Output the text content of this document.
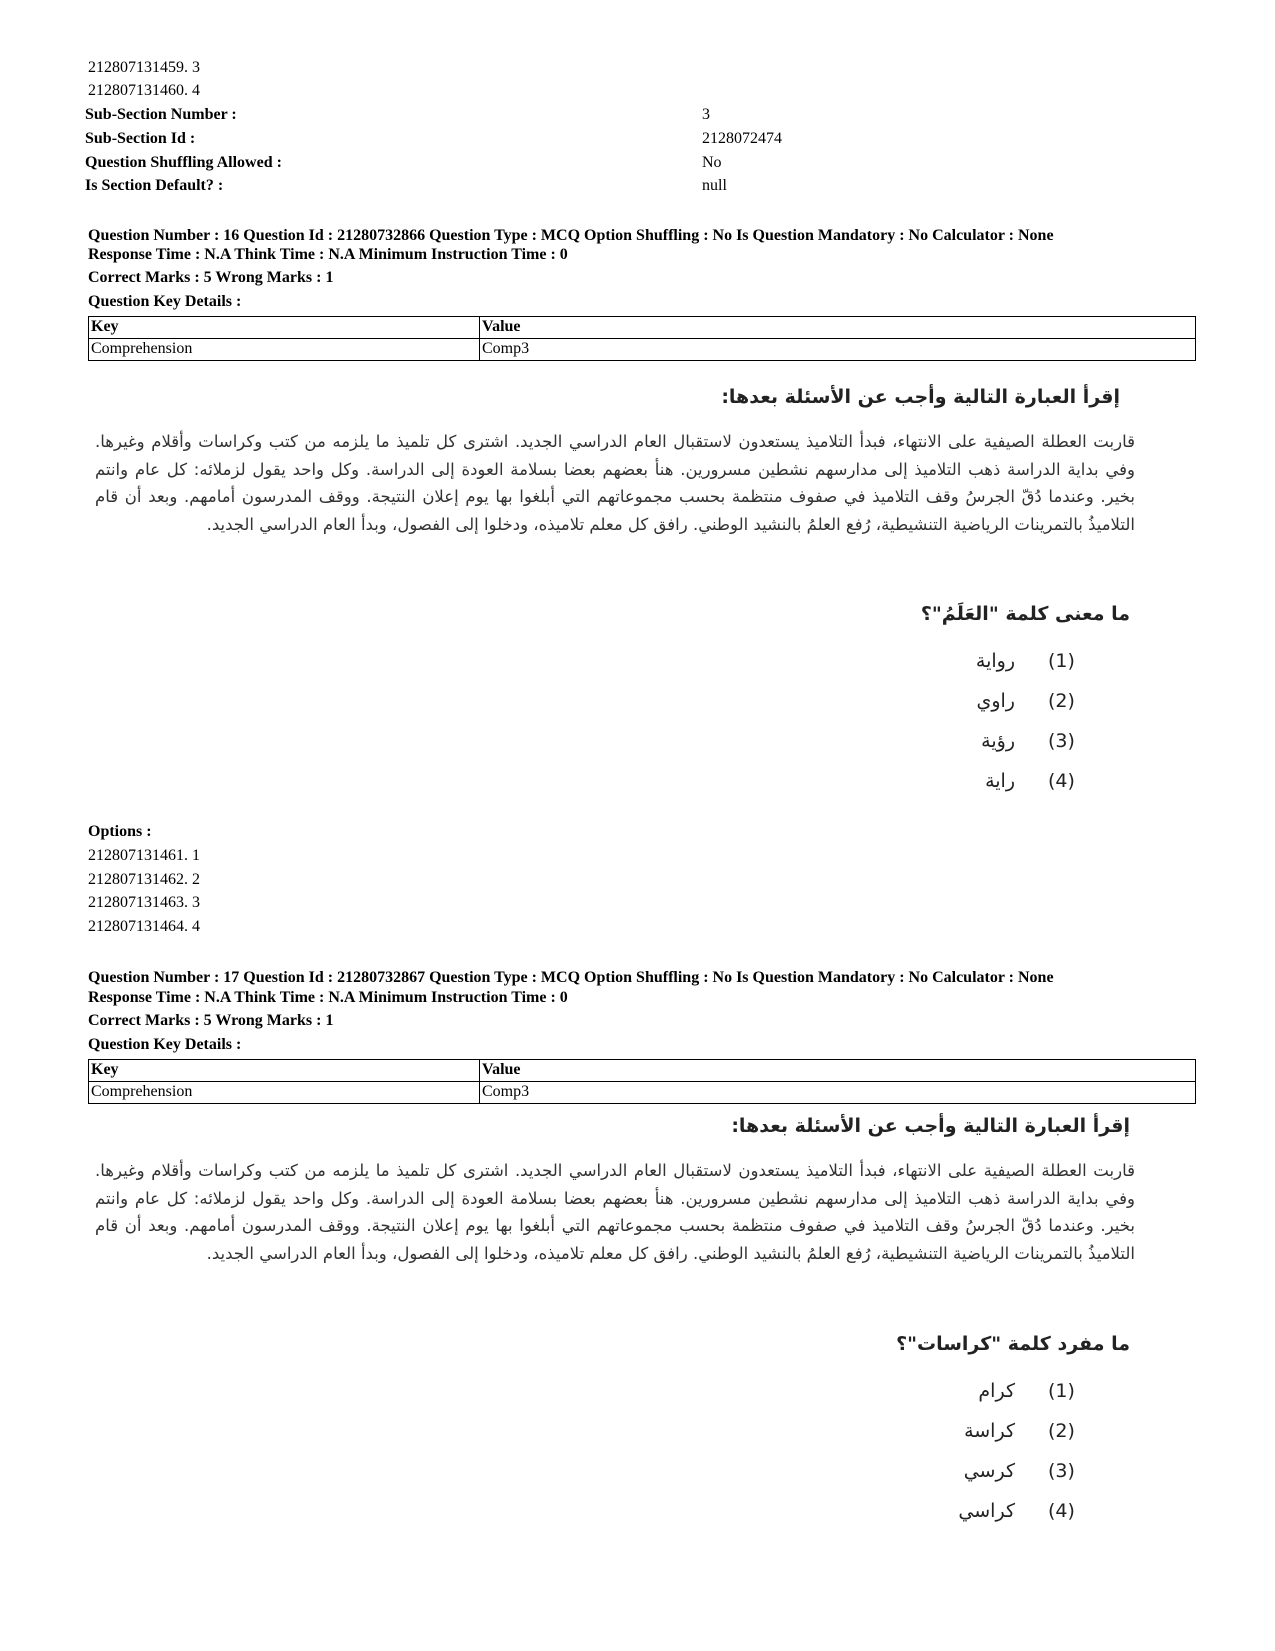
212807131459. 3
212807131460. 4
Sub-Section Number :	3
Sub-Section Id :	2128072474
Question Shuffling Allowed :	No
Is Section Default? :	null
Question Number : 16 Question Id : 21280732866 Question Type : MCQ Option Shuffling : No Is Question Mandatory : No Calculator : None
Response Time : N.A Think Time : N.A Minimum Instruction Time : 0
Correct Marks : 5 Wrong Marks : 1
Question Key Details :
Key	Value
Comprehension	Comp3
إقرأ العبارة التالية وأجب عن الأسئلة بعدها:
قاربت العطلة الصيفية على الانتهاء، فبدأ التلاميذ يستعدون لاستقبال العام الدراسي الجديد. اشترى كل تلميذ ما يلزمه من كتب وكراسات وأقلام وغيرها. وفي بداية الدراسة ذهب التلاميذ إلى مدارسهم نشطين مسرورين. هنأ بعضهم بعضا بسلامة العودة إلى الدراسة. وكل واحد يقول لزملائه: كل عام وانتم بخير. وعندما دُقّ الجرسُ وقف التلاميذ في صفوف منتظمة بحسب مجموعاتهم التي أبلغوا بها يوم إعلان النتيجة. ووقف المدرسون أمامهم. وبعد أن قام التلاميذُ بالتمرينات الرياضية التنشيطية، رُفع العلمُ بالنشيد الوطني. رافق كل معلم تلاميذه، ودخلوا إلى الفصول، وبدأ العام الدراسي الجديد.
ما معنى كلمة "العَلَمُ"؟
(1)
رواية
(2)
راوي
(3)
رؤية
(4)
راية
Options :
212807131461. 1
212807131462. 2
212807131463. 3
212807131464. 4
Question Number : 17 Question Id : 21280732867 Question Type : MCQ Option Shuffling : No Is Question Mandatory : No Calculator : None
Response Time : N.A Think Time : N.A Minimum Instruction Time : 0
Correct Marks : 5 Wrong Marks : 1
Question Key Details :
Key	Value
Comprehension	Comp3
إقرأ العبارة التالية وأجب عن الأسئلة بعدها:
قاربت العطلة الصيفية على الانتهاء، فبدأ التلاميذ يستعدون لاستقبال العام الدراسي الجديد. اشترى كل تلميذ ما يلزمه من كتب وكراسات وأقلام وغيرها. وفي بداية الدراسة ذهب التلاميذ إلى مدارسهم نشطين مسرورين. هنأ بعضهم بعضا بسلامة العودة إلى الدراسة. وكل واحد يقول لزملائه: كل عام وانتم بخير. وعندما دُقّ الجرسُ وقف التلاميذ في صفوف منتظمة بحسب مجموعاتهم التي أبلغوا بها يوم إعلان النتيجة. ووقف المدرسون أمامهم. وبعد أن قام التلاميذُ بالتمرينات الرياضية التنشيطية، رُفع العلمُ بالنشيد الوطني. رافق كل معلم تلاميذه، ودخلوا إلى الفصول، وبدأ العام الدراسي الجديد.
ما مفرد كلمة "كراسات"؟
(1)
كرام
(2)
كراسة
(3)
كرسي
(4)
كراسي
